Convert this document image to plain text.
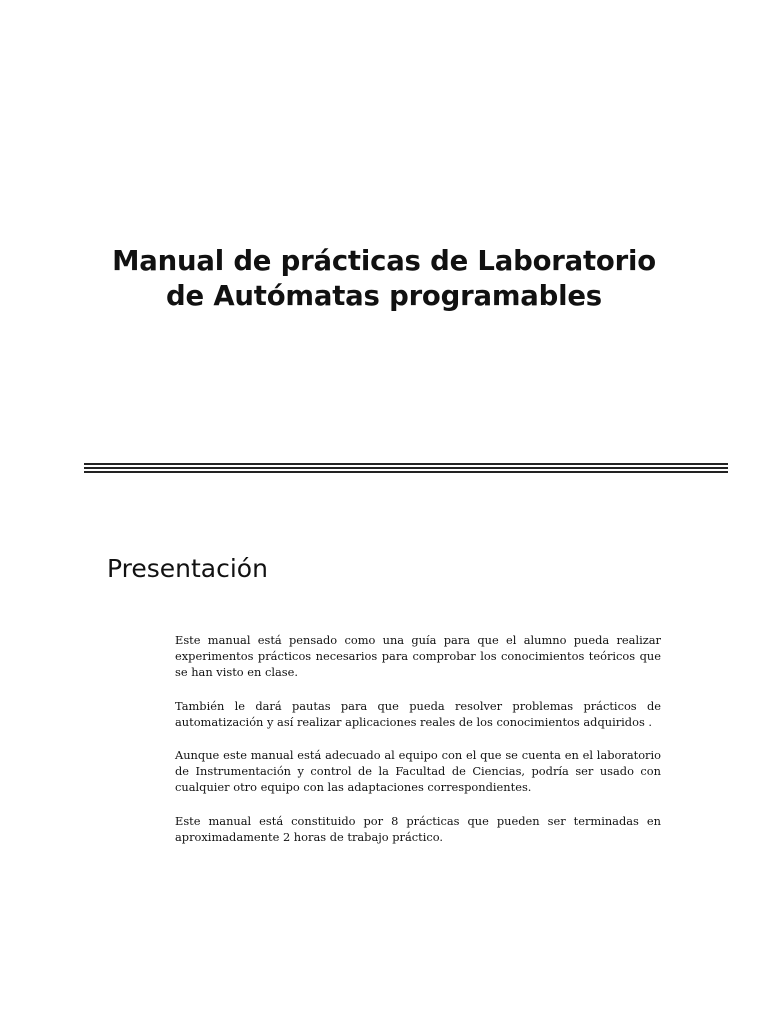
Manual de prácticas de Laboratorio
de Autómatas programables
Presentación

Este manual está pensado como una guía para que el alumno pueda realizar experimentos prácticos necesarios para comprobar los conocimientos teóricos que se han visto en clase.

También le dará pautas para que pueda resolver problemas prácticos de automatización y así realizar aplicaciones reales de los conocimientos adquiridos .

Aunque este manual está adecuado al equipo con el que se cuenta en el laboratorio de Instrumentación y control de la Facultad de Ciencias, podría ser usado con cualquier otro equipo con las adaptaciones correspondientes.

Este manual está constituido por 8 prácticas que pueden ser terminadas en aproximadamente 2 horas de trabajo práctico.
